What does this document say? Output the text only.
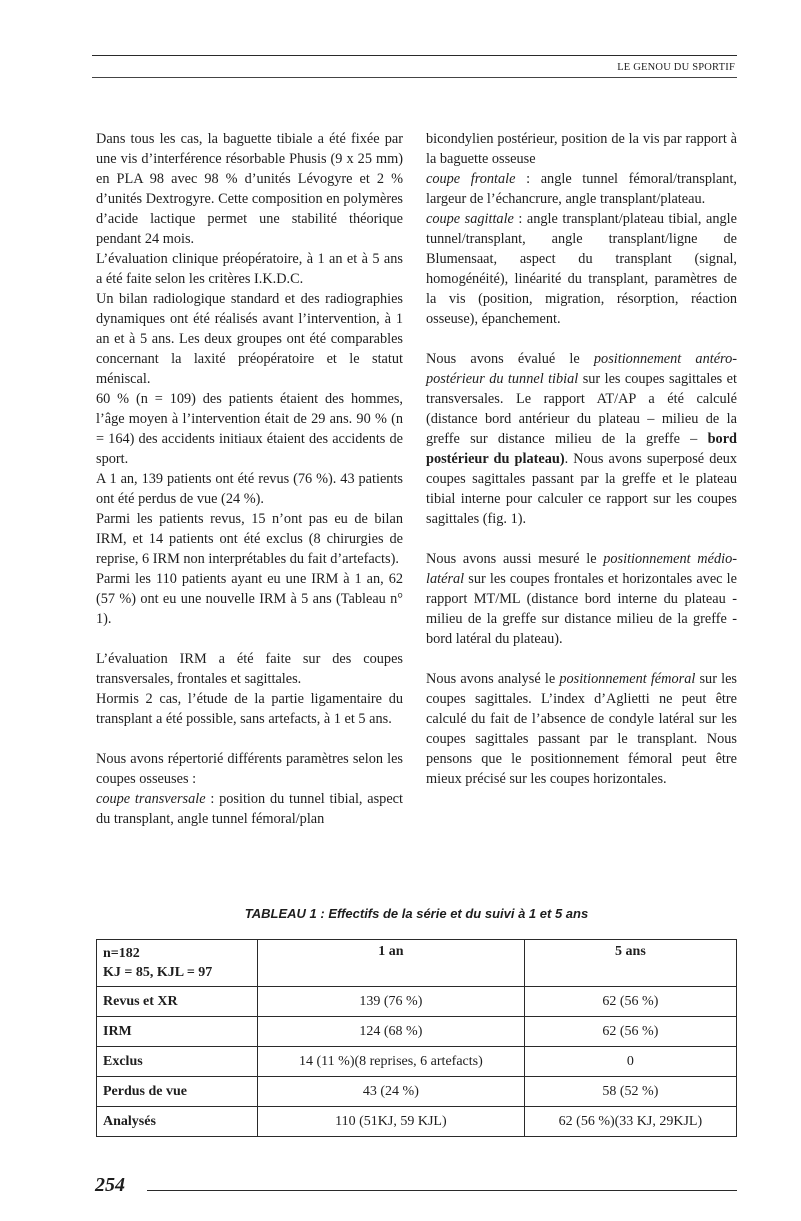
LE GENOU DU SPORTIF

Dans tous les cas, la baguette tibiale a été fixée par une vis d’interférence résorbable Phusis (9 x 25 mm) en PLA 98 avec 98 % d’unités Lévogyre et 2 % d’unités Dextrogyre. Cette composition en polymères d’acide lactique permet une stabilité théorique pendant 24 mois.

L’évaluation clinique préopératoire, à 1 an et à 5 ans a été faite selon les critères I.K.D.C.

Un bilan radiologique standard et des radiographies dynamiques ont été réalisés avant l’intervention, à 1 an et à 5 ans. Les deux groupes ont été comparables concernant la laxité préopératoire et le statut méniscal.

60 % (n = 109) des patients étaient des hommes, l’âge moyen à l’intervention était de 29 ans. 90 % (n = 164) des accidents initiaux étaient des accidents de sport.

A 1 an, 139 patients ont été revus (76 %). 43 patients ont été perdus de vue (24 %).

Parmi les patients revus, 15 n’ont pas eu de bilan IRM, et 14 patients ont été exclus (8 chirurgies de reprise, 6 IRM non interprétables du fait d’artefacts).

Parmi les 110 patients ayant eu une IRM à 1 an, 62 (57 %) ont eu une nouvelle IRM à 5 ans (Tableau n° 1).

L’évaluation IRM a été faite sur des coupes transversales, frontales et sagittales.

Hormis 2 cas, l’étude de la partie ligamentaire du transplant a été possible, sans artefacts, à 1 et 5 ans.

Nous avons répertorié différents paramètres selon les coupes osseuses :

coupe transversale : position du tunnel tibial, aspect du transplant, angle tunnel fémoral/plan

bicondylien postérieur, position de la vis par rapport à la baguette osseuse

coupe frontale : angle tunnel fémoral/transplant, largeur de l’échancrure, angle transplant/plateau.

coupe sagittale : angle transplant/plateau tibial, angle tunnel/transplant, angle transplant/ligne de Blumensaat, aspect du transplant (signal, homogénéité), linéarité du transplant, paramètres de la vis (position, migration, résorption, réaction osseuse), épanchement.

Nous avons évalué le positionnement antéro-postérieur du tunnel tibial sur les coupes sagittales et transversales. Le rapport AT/AP a été calculé (distance bord antérieur du plateau – milieu de la greffe sur distance milieu de la greffe – bord postérieur du plateau). Nous avons superposé deux coupes sagittales passant par la greffe et le plateau tibial interne pour calculer ce rapport sur les coupes sagittales (fig. 1).

Nous avons aussi mesuré le positionnement médio-latéral sur les coupes frontales et horizontales avec le rapport MT/ML (distance bord interne du plateau - milieu de la greffe sur distance milieu de la greffe - bord latéral du plateau).

Nous avons analysé le positionnement fémoral sur les coupes sagittales. L’index d’Aglietti ne peut être calculé du fait de l’absence de condyle latéral sur les coupes sagittales passant par le transplant. Nous pensons que le positionnement fémoral peut être mieux précisé sur les coupes horizontales.

TABLEAU 1 : Effectifs de la série et du suivi à 1 et 5 ans
n=182
KJ = 85, KJL = 97	1 an	5 ans
Revus et XR	139 (76 %)	62 (56 %)
IRM	124 (68 %)	62 (56 %)
Exclus	14 (11 %)(8 reprises, 6 artefacts)	0
Perdus de vue	43 (24 %)	58 (52 %)
Analysés	110 (51KJ, 59 KJL)	62 (56 %)(33 KJ, 29KJL)
254
